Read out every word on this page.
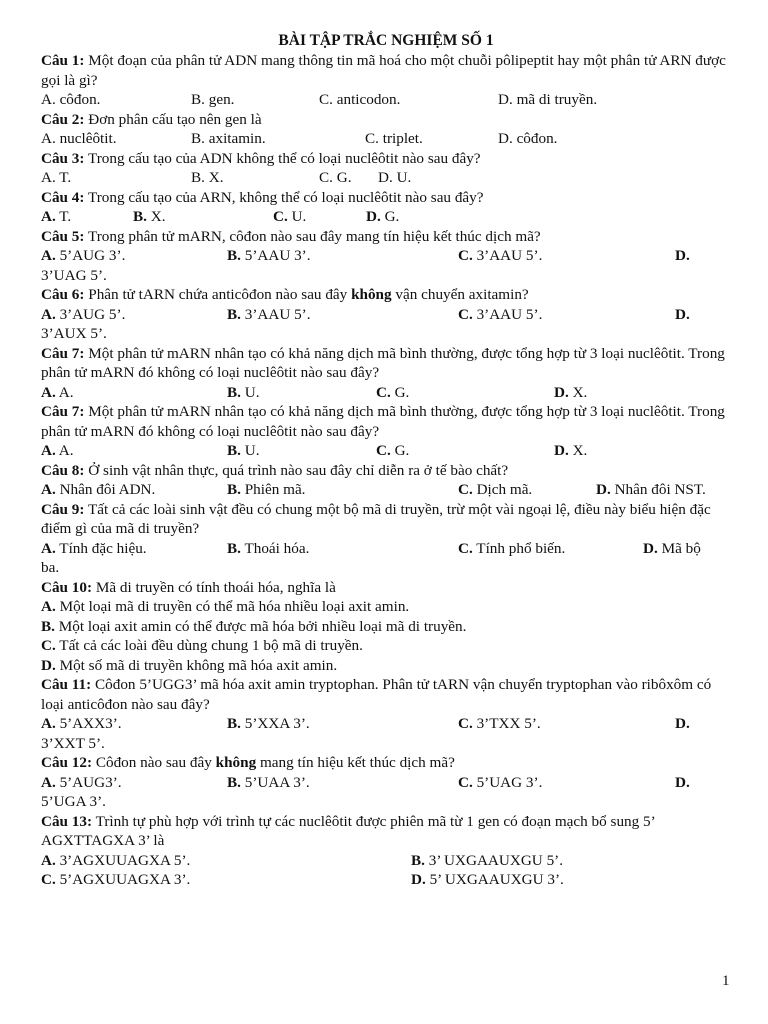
BÀI TẬP TRẮC NGHIỆM SỐ 1
Câu 1: Một đoạn của phân tử ADN mang thông tin mã hoá cho một chuỗi pôlipeptit hay một phân tử ARN được gọi là gì?
A. côđon.	B. gen.	C. anticodon.	D. mã di truyền.
Câu 2: Đơn phân cấu tạo nên gen là
A. nuclêôtit.	B. axitamin.	C. triplet.	D. côđon.
Câu 3: Trong cấu tạo của ADN không thể có loại nuclêôtit nào sau đây?
A. T.	B. X.	C. G. D. U.
Câu 4: Trong cấu tạo của ARN, không thể có loại nuclêôtit nào sau đây?
A. T.	B. X.	C. U.	D. G.
Câu 5: Trong phân tử mARN, côđon nào sau đây mang tín hiệu kết thúc dịch mã?
A. 5’AUG 3’.	B. 5’AAU 3’.	C. 3’AAU 5’.	D.
3’UAG 5’.
Câu 6: Phân tử tARN chứa anticôđon nào sau đây không vận chuyển axitamin?
A. 3’AUG 5’.	B. 3’AAU 5’.	C. 3’AAU 5’.	D.
3’AUX 5’.
Câu 7: Một phân tử mARN nhân tạo có khả năng dịch mã bình thường, được tổng hợp từ 3 loại nuclêôtit. Trong phân tử mARN đó không có loại nuclêôtit nào sau đây?
A. A.	B. U.	C. G.	D. X.
Câu 7: Một phân tử mARN nhân tạo có khả năng dịch mã bình thường, được tổng hợp từ 3 loại nuclêôtit. Trong phân tử mARN đó không có loại nuclêôtit nào sau đây?
A. A.	B. U.	C. G.	D. X.
Câu 8: Ở sinh vật nhân thực, quá trình nào sau đây chỉ diễn ra ở tế bào chất?
A. Nhân đôi ADN.	B. Phiên mã.	C. Dịch mã.	D. Nhân đôi NST.
Câu 9: Tất cả các loài sinh vật đều có chung một bộ mã di truyền, trừ một vài ngoại lệ, điều này biểu hiện đặc điểm gì của mã di truyền?
A. Tính đặc hiệu.	B. Thoái hóa.	C. Tính phổ biến.	D. Mã bộ
ba.
Câu 10: Mã di truyền có tính thoái hóa, nghĩa là
A. Một loại mã di truyền có thể mã hóa nhiều loại axit amin.
B. Một loại axit amin có thể được mã hóa bởi nhiều loại mã di truyền.
C. Tất cả các loài đều dùng chung 1 bộ mã di truyền.
D. Một số mã di truyền không mã hóa axit amin.
Câu 11: Côđon 5’UGG3’ mã hóa axit amin tryptophan. Phân tử tARN vận chuyển tryptophan vào ribôxôm có loại anticôđon nào sau đây?
A. 5’AXX3’.	B. 5’XXA 3’.	C. 3’TXX 5’.	D.
3’XXT 5’.
Câu 12: Côđon nào sau đây không mang tín hiệu kết thúc dịch mã?
A. 5’AUG3’.	B. 5’UAA 3’.	C. 5’UAG 3’.	D.
5’UGA 3’.
Câu 13: Trình tự phù hợp với trình tự các nuclêôtit được phiên mã từ 1 gen có đoạn mạch bổ sung 5’ AGXTTAGXA 3’ là
A. 3’AGXUUAGXA 5’.	B. 3’ UXGAAUXGU 5’.
C. 5’AGXUUAGXA 3’.	D. 5’ UXGAAUXGU 3’.
1
